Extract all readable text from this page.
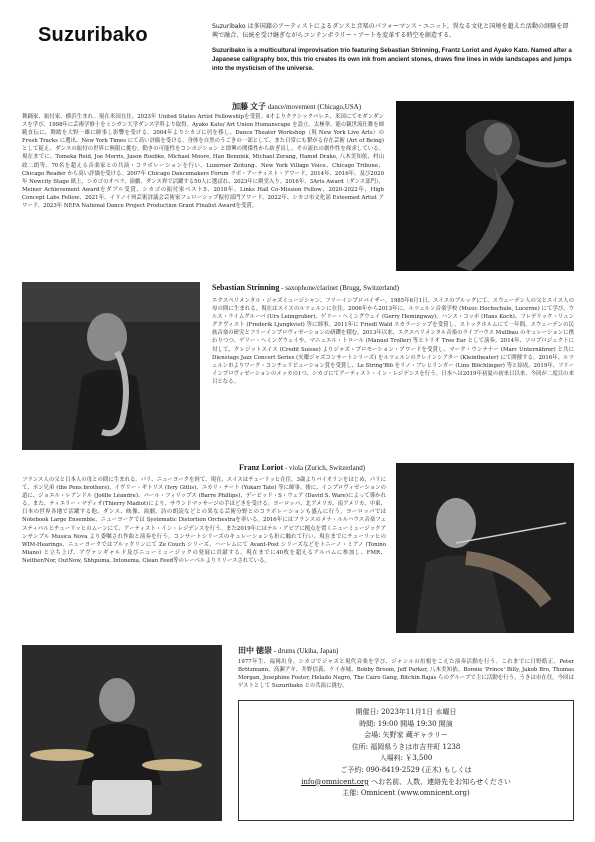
Suzuribako	Suzuribako は多国籍のアーティストによるダンスと音楽のパフォーマンス・ユニット。異なる文化と国境を超えた活動の経験を即興で融合、伝統を受け継ぎながらコンテンポラリー・アートを変革する時空を創造する。

Suzuribako is a multicultural improvisation trio featuring Sebastian Strinning, Frantz Loriot and Ayako Kato. Named after a Japanese calligraphy box, this trio creates its own ink from ancient stones, draws fine lines in wide landscapes and jumps into the mysticism of the universe.

加藤 文子 dance/movement (Chicago,USA)
舞踊家、振付家、横浜生まれ。現在米国在住。2023年 United States Artist Fellowshipを受賞。4才よりクラシックバレエ、米国にてモダンダンスを学び、1998年に芸術学修士をミシガン大学ダンス学科より取得。Ayako Kato/ Art Union Humanscape を設立。太極拳、能の観世流仕舞を師範直伝に、舞踏を大野一雄に師事し影響を受ける。2004年よりシカゴに居を移し、Dance Theater Workshop（現 New York Live Arts）の Fresh Tracks に選出、New York Times にて高い評価を受ける。身体を自然のうごきの一部として、また日常にも繋がる存在芸術 (Art of Being) として捉え、ダンスの振付の世界に無限に挑む。動きの可能性をコンポジション と即興の関係性から紡ぎ出し、その流れの創作性を探求している。現在までに、Tomeka Reid, Joe Morris, Jason Roebke, Michael Moore, Han Bennink, Michael Zerang, Hamid Drake, 八木美知依、村山政二朗等、70名を超える音楽家との共演・コラボレーションを行い、Luzerner Zeitung、New York Village Voice、Chicago Tribune、Chicago Reader から高い評価を受ける。2007年 Chicago Dancemakers Forum ラボ・アーティスト・アワード、2014年、2016年、及び2020年 Newcity Stage 紙上、シカゴのオペラ、演劇、ダンス界で活躍する50人に選ばれ、2023年に殿堂入り。2016年、3Arts Award（ダンス部門）、Meiner Achievement Awardをダブル受賞、シカゴの振付家ベスト5、2018年、Links Hall Co-Mission Fellow、2020-2022年、High Concept Labs Fellow、2021年、イリノイ州芸術評議会芸術家フェローシップ振付部門アワード、2022年、シカゴ市文化部 Esteemed Artist アワード、2023年 NEFA National Dance Project Production Grant Finalist Awardを受賞。
Sebastian Strinning - saxophone/clarinet (Brugg, Switzerland)
エクスペリメンタル・ジャズミュージシャン、フリーインプロバイザー。1985年6月1日、スイスのブルッグにて、スウェーデン人の父とスイス人の母の間に生まれる。現在はスイスのルツェルンに在住。2006年から2013年に、ルツェルン音楽学校 (Music Hochschule, Lucerne) にて学び、ウルス・ライムグルーバ (Urs Leimgruber)、ゲリー・ヘミングウェイ (Gerry Hemingway)、ハンス・コッホ (Hans Koch)、フレデリック・リュングクヴィスト (Frederik Ljungkvist) 等に師事。2011年に Friedl Wald スカラーシップを受賞し、ストックホルムにて一年間、スウェーデンの民族音楽の研究とフリーインプロヴィゼーションの研鑽を積む。2013年以来、エクスペリメンタル音楽のライブハウス Mullbau のキュレーションに携わりつつ、ゲリー・ヘミングウェイや、マニュエル・トロール (Manuel Troller) 等とトリオ Tree Ear として演奏。2014年、ソロプロジェクトに対して、クレジットスイス (Credit Suisse) よりジャズ・プロモーション・アワードを受賞し、マーク・ウンナナー (Marc Unternährer) と共に Dienstags Jazz Concert Series (火曜ジャズコンサートシリーズ) をルツェルンのクレインシアター (Kleintheater) にて開催する。2016年、ルツェルン市よりワーク・コンチュリビューション賞を受賞し、Le String'Blö をリノ・ブレヒリンガー (Lino Blöchlinger) 等と結成。2019年、フリーインプロヴィゼーションのメッカの1つ、シカゴにてアーティスト・イン・レジデンスを行う。日本へは2019年初夏の初来日以来、今回が二度目の来日となる。
Franz Loriot - viola (Zurich, Switzerland)
フランス人の父と日本人の母との間に生まれる。パリ、ニューヨークを経て、現在、スイスはチューリッヒ在住。3歳よりバイオリンをはじめ、パリにて、ポン兄弟 (the Pons brothers)、イヴリー・ギトリス (Ivry Gitlis)、ユカリ・テート (Yukari Tate) 等に師事。後に、インプロヴィゼーションの道に、ジョエル・レアンドル (Joëlle Léandre)、バール・フィリップス (Barre Phillips)、デービッド・S・ウェア (David S. Ware)によって導かれる。また、ティエリー・マディオ(Thierry Madiot)により、サウンドマッサージの手ほどきを受ける。ヨーロッパ、北アメリカ、南アメリカ、中東、日本の世界各地で活躍する他、ダンス、映像、演劇、詩の朗読などとの異なる芸術分野とのコラボレーションも盛んに行う。ヨーロッパでは Notebook Large Ensemble、ニューヨークでは Systematic Distortion Orchestraを率いる。2016年にはフランスのメナ・ルルハウス音楽フェスティバルとチューリッヒのムーンにて、アーティスト・イン・レジデンスを行う。また2019年にはテル・アビブに拠点を置くニューミュージックアンサンブル Musica Nova より委嘱され作曲と演奏を行う。コンサートシリーズのキュレーションも折に触れて行い、現在までにチューリッヒの WIM-Hearings、ニューヨークではブルックリンにて Ze Couch シリーズ、ハーレムにて Avant-Post シリーズなどをトニーノ・ミアノ (Tonino Miano) と立ち上げ、アヴァンギャルド及びニューミュージックの発展に貢献する。現在までに40枚を超えるアルバムに参加し、FMR、Neither/Nor, OutNow, Shhpuma, Intonema, Clean Feed等のレーベルよりリリースされている。
田中 徳崇 - drums (Ukiha, Japan)
1977年生、福岡出身。シカゴでジャズと現代音楽を学び、ジャンルの垣根をこえた演奏活動を行う。これまでに日野皓正、Peter Brötzmann、高瀬アキ、井野信義、ケイ赤城、Bobby Broom, Jeff Parker, 八木美知依、Bonnie 'Prince' Billy, Jakob Bro, Thomas Morgan, Josephine Foster, Helado Negro, The Cairo Gang, Bitchin Bajas らのグループで主に活動を行う。うきは市在住。今回はゲストとして Suzuribako との共演に挑む。
開催日: 2023年11月1日 水曜日
時間: 19:00 開場 19:30 開演
会場: 矢野家 蔵ギャラリー
住所: 福岡県うきは市吉井町 1238
入場料: ￥3,500
ご予約: 090-8419-2529 (正木) もしくは
info@omnicent.org へお名前、人数、連絡先をお知らせください
主催: Omnicent (www.omnicent.org)
